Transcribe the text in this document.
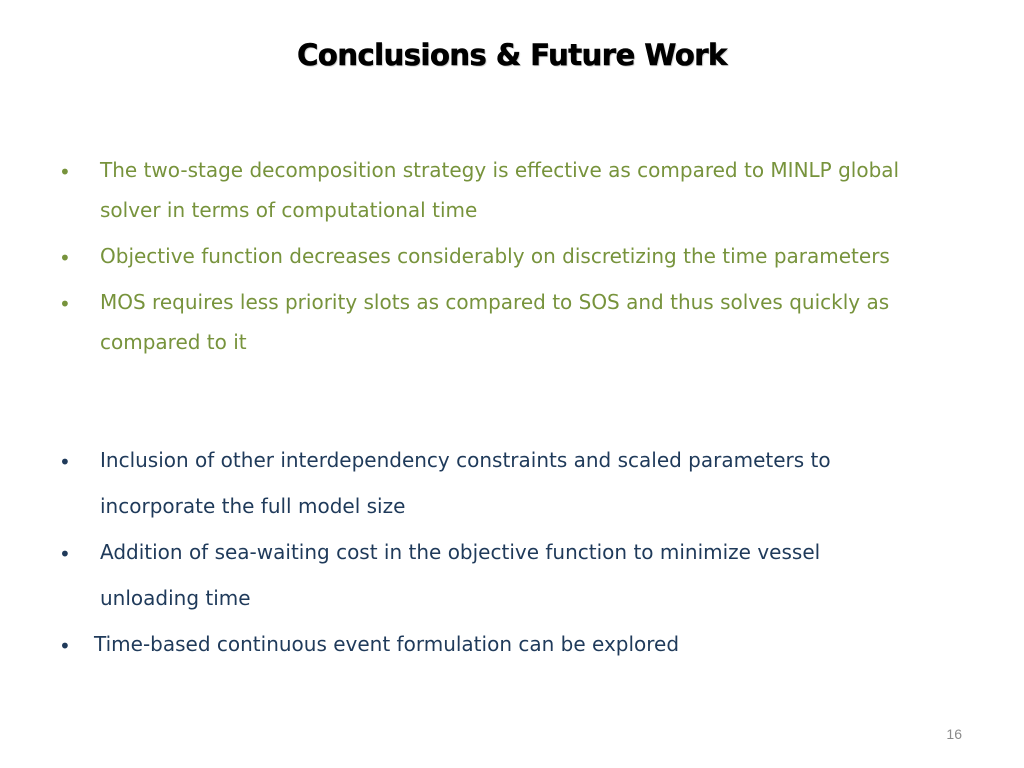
Conclusions & Future Work
• The two-stage decomposition strategy is effective as compared to MINLP global
solver in terms of computational time
• Objective function decreases considerably on discretizing the time parameters
• MOS requires less priority slots as compared to SOS and thus solves quickly as
compared to it
• Inclusion of other interdependency constraints and scaled parameters to
incorporate the full model size
• Addition of sea-waiting cost in the objective function to minimize vessel
unloading time
• Time-based continuous event formulation can be explored
16
